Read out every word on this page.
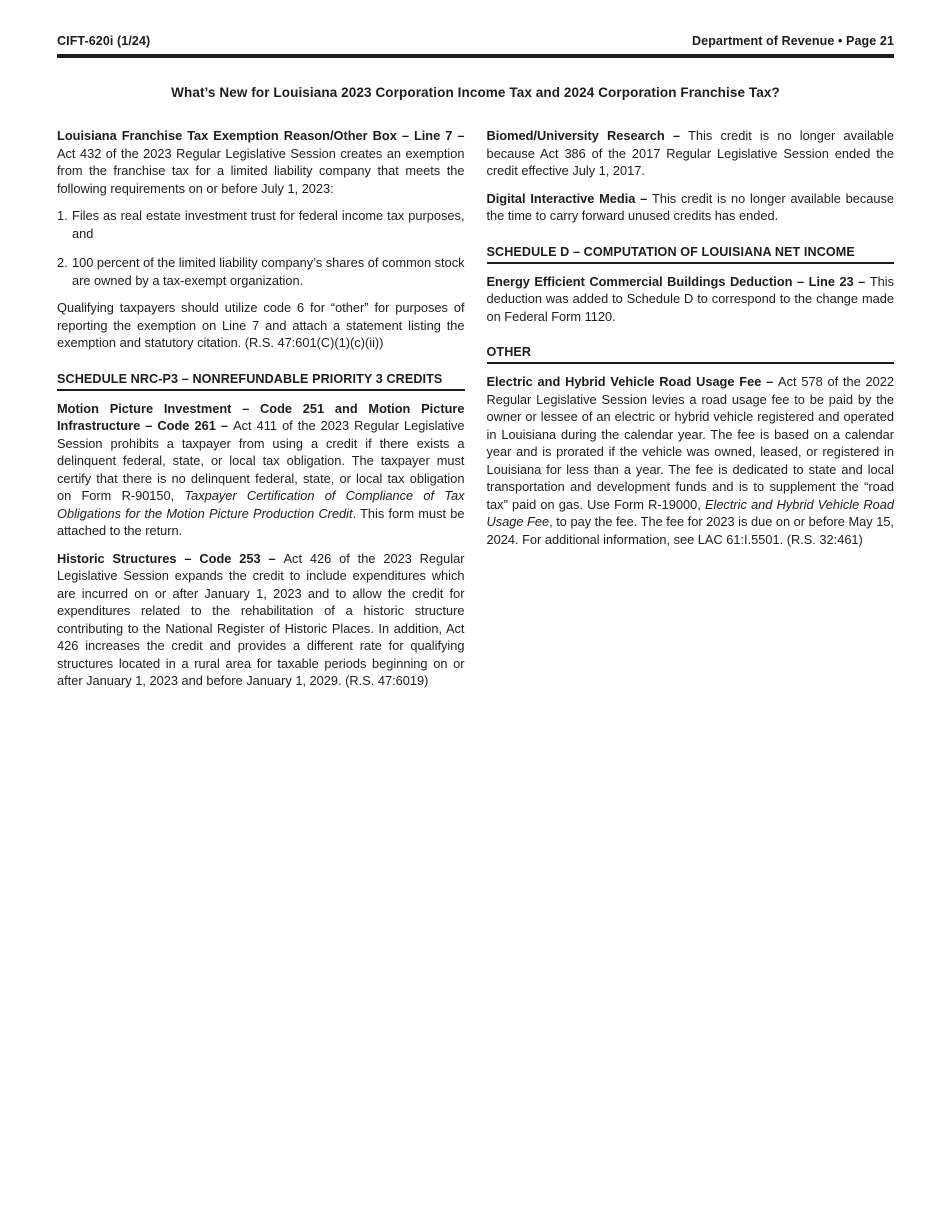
CIFT-620i (1/24)	Department of Revenue • Page 21
What’s New for Louisiana 2023 Corporation Income Tax and 2024 Corporation Franchise Tax?

Louisiana Franchise Tax Exemption Reason/Other Box – Line 7 – Act 432 of the 2023 Regular Legislative Session creates an exemption from the franchise tax for a limited liability company that meets the following requirements on or before July 1, 2023:

1. Files as real estate investment trust for federal income tax purposes, and
2. 100 percent of the limited liability company’s shares of common stock are owned by a tax-exempt organization.

Qualifying taxpayers should utilize code 6 for “other” for purposes of reporting the exemption on Line 7 and attach a statement listing the exemption and statutory citation. (R.S. 47:601(C)(1)(c)(ii))

SCHEDULE NRC-P3 – NONREFUNDABLE PRIORITY 3 CREDITS

Motion Picture Investment – Code 251 and Motion Picture Infrastructure – Code 261 – Act 411 of the 2023 Regular Legislative Session prohibits a taxpayer from using a credit if there exists a delinquent federal, state, or local tax obligation. The taxpayer must certify that there is no delinquent federal, state, or local tax obligation on Form R-90150, Taxpayer Certification of Compliance of Tax Obligations for the Motion Picture Production Credit. This form must be attached to the return.

Historic Structures – Code 253 – Act 426 of the 2023 Regular Legislative Session expands the credit to include expenditures which are incurred on or after January 1, 2023 and to allow the credit for expenditures related to the rehabilitation of a historic structure contributing to the National Register of Historic Places. In addition, Act 426 increases the credit and provides a different rate for qualifying structures located in a rural area for taxable periods beginning on or after January 1, 2023 and before January 1, 2029. (R.S. 47:6019)

Biomed/University Research – This credit is no longer available because Act 386 of the 2017 Regular Legislative Session ended the credit effective July 1, 2017.

Digital Interactive Media – This credit is no longer available because the time to carry forward unused credits has ended.

SCHEDULE D – COMPUTATION OF LOUISIANA NET INCOME

Energy Efficient Commercial Buildings Deduction – Line 23 – This deduction was added to Schedule D to correspond to the change made on Federal Form 1120.

OTHER

Electric and Hybrid Vehicle Road Usage Fee – Act 578 of the 2022 Regular Legislative Session levies a road usage fee to be paid by the owner or lessee of an electric or hybrid vehicle registered and operated in Louisiana during the calendar year. The fee is based on a calendar year and is prorated if the vehicle was owned, leased, or registered in Louisiana for less than a year. The fee is dedicated to state and local transportation and development funds and is to supplement the “road tax” paid on gas. Use Form R-19000, Electric and Hybrid Vehicle Road Usage Fee, to pay the fee. The fee for 2023 is due on or before May 15, 2024. For additional information, see LAC 61:I.5501. (R.S. 32:461)
